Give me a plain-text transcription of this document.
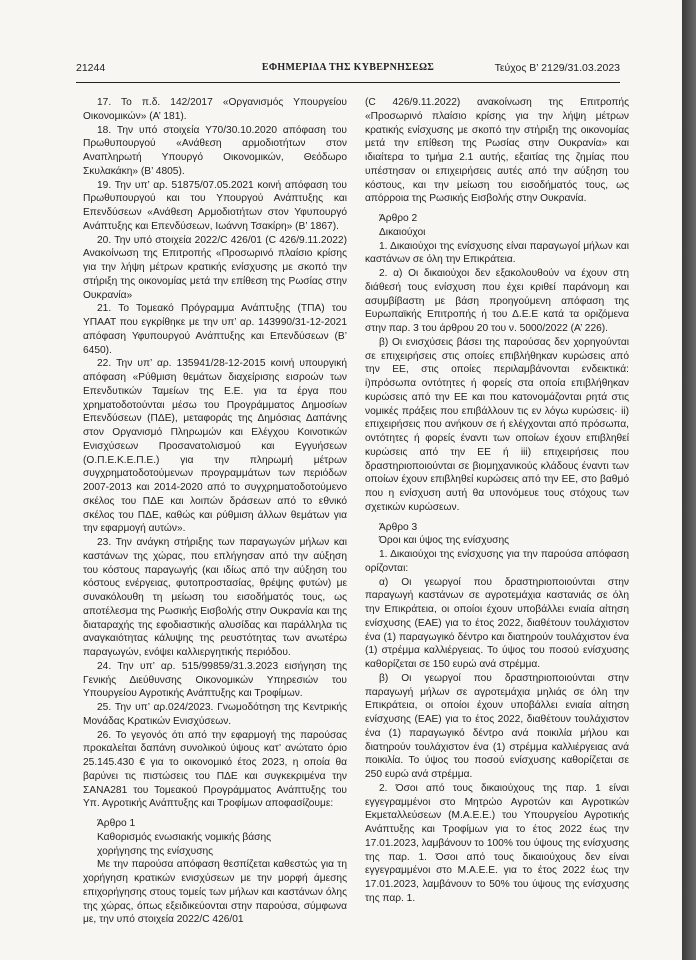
21244	ΕΦΗΜΕΡΙΔΑ ΤΗΣ ΚΥΒΕΡΝΗΣΕΩΣ	Τεύχος Β’ 2129/31.03.2023

17. Το π.δ. 142/2017 «Οργανισμός Υπουργείου Οικονομικών» (Α’ 181).

18. Την υπό στοιχεία Υ70/30.10.2020 απόφαση του Πρωθυπουργού «Ανάθεση αρμοδιοτήτων στον Αναπληρωτή Υπουργό Οικονομικών, Θεόδωρο Σκυλακάκη» (Β’ 4805).

19. Την υπ’ αρ. 51875/07.05.2021 κοινή απόφαση του Πρωθυπουργού και του Υπουργού Ανάπτυξης και Επενδύσεων «Ανάθεση Αρμοδιοτήτων στον Υφυπουργό Ανάπτυξης και Επενδύσεων, Ιωάννη Τσακίρη» (Β’ 1867).

20. Την υπό στοιχεία 2022/C 426/01 (C 426/9.11.2022) Ανακοίνωση της Επιτροπής «Προσωρινό πλαίσιο κρίσης για την λήψη μέτρων κρατικής ενίσχυσης με σκοπό την στήριξη της οικονομίας μετά την επίθεση της Ρωσίας στην Ουκρανία»

21. Το Τομεακό Πρόγραμμα Ανάπτυξης (ΤΠΑ) του ΥΠΑΑΤ που εγκρίθηκε με την υπ’ αρ. 143990/31-12-2021 απόφαση Υφυπουργού Ανάπτυξης και Επενδύσεων (Β’ 6450).

22. Την υπ’ αρ. 135941/28-12-2015 κοινή υπουργική απόφαση «Ρύθμιση θεμάτων διαχείρισης εισροών των Επενδυτικών Ταμείων της Ε.Ε. για τα έργα που χρηματοδοτούνται μέσω του Προγράμματος Δημοσίων Επενδύσεων (ΠΔΕ), μεταφοράς της Δημόσιας Δαπάνης στον Οργανισμό Πληρωμών και Ελέγχου Κοινοτικών Ενισχύσεων Προσανατολισμού και Εγγυήσεων (Ο.Π.Ε.Κ.Ε.Π.Ε.) για την πληρωμή μέτρων συγχρηματοδοτούμενων προγραμμάτων των περιόδων 2007-2013 και 2014-2020 από το συγχρηματοδοτούμενο σκέλος του ΠΔΕ και λοιπών δράσεων από το εθνικό σκέλος του ΠΔΕ, καθώς και ρύθμιση άλλων θεμάτων για την εφαρμογή αυτών».

23. Την ανάγκη στήριξης των παραγωγών μήλων και καστάνων της χώρας, που επλήγησαν από την αύξηση του κόστους παραγωγής (και ιδίως από την αύξηση του κόστους ενέργειας, φυτοπροστασίας, θρέψης φυτών) με συνακόλουθη τη μείωση του εισοδήματός τους, ως αποτέλεσμα της Ρωσικής Εισβολής στην Ουκρανία και της διαταραχής της εφοδιαστικής αλυσίδας και παράλληλα τις αναγκαιότητας κάλυψης της ρευστότητας των ανωτέρω παραγωγών, ενόψει καλλιεργητικής περιόδου.

24. Την υπ’ αρ. 515/99859/31.3.2023 εισήγηση της Γενικής Διεύθυνσης Οικονομικών Υπηρεσιών του Υπουργείου Αγροτικής Ανάπτυξης και Τροφίμων.

25. Την υπ’ αρ.024/2023. Γνωμοδότηση της Κεντρικής Μονάδας Κρατικών Ενισχύσεων.

26. Το γεγονός ότι από την εφαρμογή της παρούσας προκαλείται δαπάνη συνολικού ύψους κατ’ ανώτατο όριο 25.145.430 € για το οικονομικό έτος 2023, η οποία θα βαρύνει τις πιστώσεις του ΠΔΕ και συγκεκριμένα την ΣΑΝΑ281 του Τομεακού Προγράμματος Ανάπτυξης του Υπ. Αγροτικής Ανάπτυξης και Τροφίμων αποφασίζουμε:

Άρθρο 1

Καθορισμός ενωσιακής νομικής βάσης

χορήγησης της ενίσχυσης

Με την παρούσα απόφαση θεσπίζεται καθεστώς για τη χορήγηση κρατικών ενισχύσεων με την μορφή άμεσης επιχορήγησης στους τομείς των μήλων και καστάνων όλης της χώρας, όπως εξειδικεύονται στην παρούσα, σύμφωνα με, την υπό στοιχεία 2022/C 426/01

(C 426/9.11.2022) ανακοίνωση της Επιτροπής «Προσωρινό πλαίσιο κρίσης για την λήψη μέτρων κρατικής ενίσχυσης με σκοπό την στήριξη της οικονομίας μετά την επίθεση της Ρωσίας στην Ουκρανία» και ιδιαίτερα το τμήμα 2.1 αυτής, εξαιτίας της ζημίας που υπέστησαν οι επιχειρήσεις αυτές από την αύξηση του κόστους, και την μείωση του εισοδήματός τους, ως απόρροια της Ρωσικής Εισβολής στην Ουκρανία.

Άρθρο 2

Δικαιούχοι

1. Δικαιούχοι της ενίσχυσης είναι παραγωγοί μήλων και καστάνων σε όλη την Επικράτεια.

2. α) Οι δικαιούχοι δεν εξακολουθούν να έχουν στη διάθεσή τους ενίσχυση που έχει κριθεί παράνομη και ασυμβίβαστη με βάση προηγούμενη απόφαση της Ευρωπαϊκής Επιτροπής ή του Δ.Ε.Ε κατά τα οριζόμενα στην παρ. 3 του άρθρου 20 του ν. 5000/2022 (Α’ 226).

β) Οι ενισχύσεις βάσει της παρούσας δεν χορηγούνται σε επιχειρήσεις στις οποίες επιβλήθηκαν κυρώσεις από την ΕΕ, στις οποίες περιλαμβάνονται ενδεικτικά: i)πρόσωπα οντότητες ή φορείς στα οποία επιβλήθηκαν κυρώσεις από την ΕΕ και που κατονομάζονται ρητά στις νομικές πράξεις που επιβάλλουν τις εν λόγω κυρώσεις· ii) επιχειρήσεις που ανήκουν σε ή ελέγχονται από πρόσωπα, οντότητες ή φορείς έναντι των οποίων έχουν επιβληθεί κυρώσεις από την ΕΕ ή iii) επιχειρήσεις που δραστηριοποιούνται σε βιομηχανικούς κλάδους έναντι των οποίων έχουν επιβληθεί κυρώσεις από την ΕΕ, στο βαθμό που η ενίσχυση αυτή θα υπονόμευε τους στόχους των σχετικών κυρώσεων.

Άρθρο 3

Όροι και ύψος της ενίσχυσης

1. Δικαιούχοι της ενίσχυσης για την παρούσα απόφαση ορίζονται:

α) Οι γεωργοί που δραστηριοποιούνται στην παραγωγή καστάνων σε αγροτεμάχια καστανιάς σε όλη την Επικράτεια, οι οποίοι έχουν υποβάλλει ενιαία αίτηση ενίσχυσης (ΕΑΕ) για το έτος 2022, διαθέτουν τουλάχιστον ένα (1) παραγωγικό δέντρο και διατηρούν τουλάχιστον ένα (1) στρέμμα καλλιέργειας. Το ύψος του ποσού ενίσχυσης καθορίζεται σε 150 ευρώ ανά στρέμμα.

β) Οι γεωργοί που δραστηριοποιούνται στην παραγωγή μήλων σε αγροτεμάχια μηλιάς σε όλη την Επικράτεια, οι οποίοι έχουν υποβάλλει ενιαία αίτηση ενίσχυσης (ΕΑΕ) για το έτος 2022, διαθέτουν τουλάχιστον ένα (1) παραγωγικό δέντρο ανά ποικιλία μήλου και διατηρούν τουλάχιστον ένα (1) στρέμμα καλλιέργειας ανά ποικιλία. Το ύψος του ποσού ενίσχυσης καθορίζεται σε 250 ευρώ ανά στρέμμα.

2. Όσοι από τους δικαιούχους της παρ. 1 είναι εγγεγραμμένοι στο Μητρώο Αγροτών και Αγροτικών Εκμεταλλεύσεων (Μ.Α.Ε.Ε.) του Υπουργείου Αγροτικής Ανάπτυξης και Τροφίμων για το έτος 2022 έως την 17.01.2023, λαμβάνουν το 100% του ύψους της ενίσχυσης της παρ. 1. Όσοι από τους δικαιούχους δεν είναι εγγεγραμμένοι στο Μ.Α.Ε.Ε. για το έτος 2022 έως την 17.01.2023, λαμβάνουν το 50% του ύψους της ενίσχυσης της παρ. 1.
